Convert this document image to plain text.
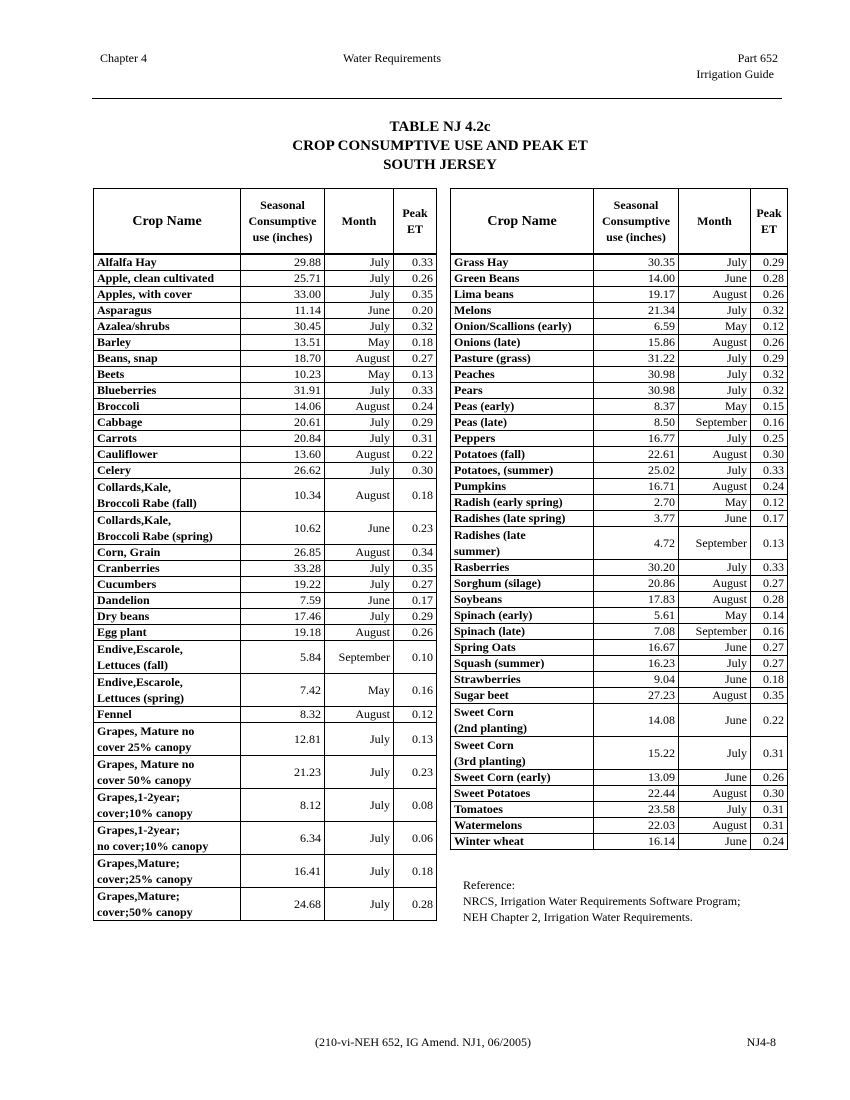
Chapter 4	Water Requirements	Part 652
Irrigation Guide
TABLE NJ 4.2c
CROP CONSUMPTIVE USE AND PEAK ET
SOUTH JERSEY
Crop Name	Seasonal Consumptive use (inches)	Month	Peak ET
Alfalfa Hay	29.88	July	0.33
Apple, clean cultivated	25.71	July	0.26
Apples, with cover	33.00	July	0.35
Asparagus	11.14	June	0.20
Azalea/shrubs	30.45	July	0.32
Barley	13.51	May	0.18
Beans, snap	18.70	August	0.27
Beets	10.23	May	0.13
Blueberries	31.91	July	0.33
Broccoli	14.06	August	0.24
Cabbage	20.61	July	0.29
Carrots	20.84	July	0.31
Cauliflower	13.60	August	0.22
Celery	26.62	July	0.30
Collards,Kale,
Broccoli Rabe (fall)	10.34	August	0.18
Collards,Kale,
Broccoli Rabe (spring)	10.62	June	0.23
Corn, Grain	26.85	August	0.34
Cranberries	33.28	July	0.35
Cucumbers	19.22	July	0.27
Dandelion	7.59	June	0.17
Dry beans	17.46	July	0.29
Egg plant	19.18	August	0.26
Endive,Escarole,
Lettuces (fall)	5.84	September	0.10
Endive,Escarole,
Lettuces (spring)	7.42	May	0.16
Fennel	8.32	August	0.12
Grapes, Mature no
cover 25% canopy	12.81	July	0.13
Grapes, Mature no
cover 50% canopy	21.23	July	0.23
Grapes,1-2year;
cover;10% canopy	8.12	July	0.08
Grapes,1-2year;
no cover;10% canopy	6.34	July	0.06
Grapes,Mature;
cover;25% canopy	16.41	July	0.18
Grapes,Mature;
cover;50% canopy	24.68	July	0.28
Crop Name	Seasonal Consumptive use (inches)	Month	Peak ET
Grass Hay	30.35	July	0.29
Green Beans	14.00	June	0.28
Lima beans	19.17	August	0.26
Melons	21.34	July	0.32
Onion/Scallions (early)	6.59	May	0.12
Onions (late)	15.86	August	0.26
Pasture (grass)	31.22	July	0.29
Peaches	30.98	July	0.32
Pears	30.98	July	0.32
Peas (early)	8.37	May	0.15
Peas (late)	8.50	September	0.16
Peppers	16.77	July	0.25
Potatoes (fall)	22.61	August	0.30
Potatoes, (summer)	25.02	July	0.33
Pumpkins	16.71	August	0.24
Radish (early spring)	2.70	May	0.12
Radishes (late spring)	3.77	June	0.17
Radishes (late
summer)	4.72	September	0.13
Rasberries	30.20	July	0.33
Sorghum (silage)	20.86	August	0.27
Soybeans	17.83	August	0.28
Spinach (early)	5.61	May	0.14
Spinach (late)	7.08	September	0.16
Spring Oats	16.67	June	0.27
Squash (summer)	16.23	July	0.27
Strawberries	9.04	June	0.18
Sugar beet	27.23	August	0.35
Sweet Corn
(2nd planting)	14.08	June	0.22
Sweet Corn
(3rd planting)	15.22	July	0.31
Sweet Corn (early)	13.09	June	0.26
Sweet Potatoes	22.44	August	0.30
Tomatoes	23.58	July	0.31
Watermelons	22.03	August	0.31
Winter wheat	16.14	June	0.24
Reference:
NRCS, Irrigation Water Requirements Software Program; NEH Chapter 2, Irrigation Water Requirements.
(210-vi-NEH 652, IG Amend. NJ1, 06/2005)	NJ4-8
